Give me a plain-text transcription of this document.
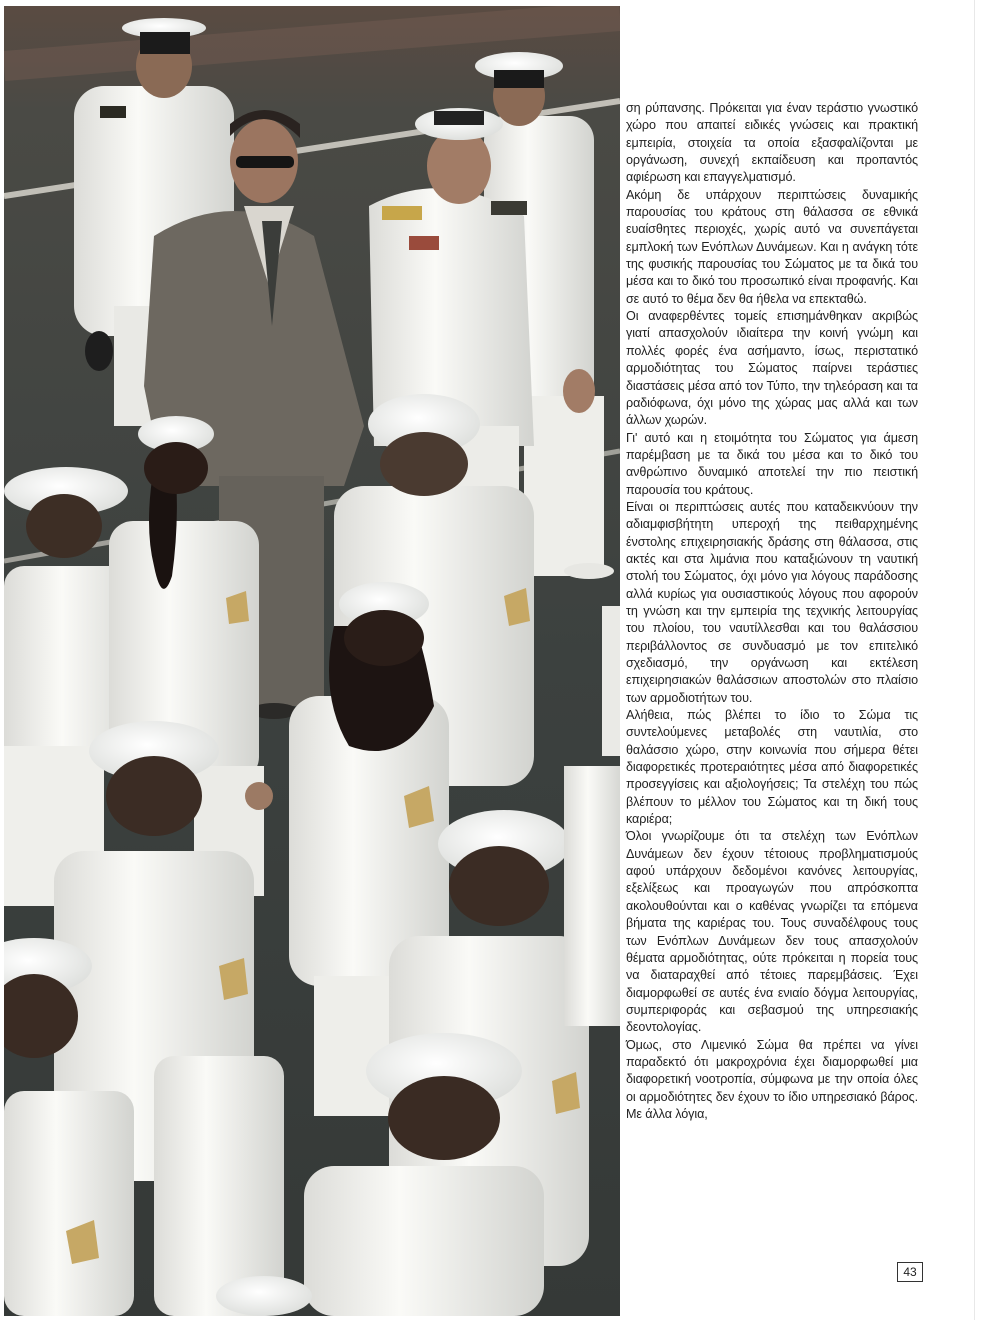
ση ρύπανσης. Πρόκειται για έναν τεράστιο γνωστικό χώρο που απαιτεί ειδικές γνώσεις και πρακτική εμπειρία, στοιχεία τα οποία εξασφαλίζονται με οργάνωση, συνεχή εκπαίδευση και προπαντός αφιέρωση και επαγγελματισμό.

Ακόμη δε υπάρχουν περιπτώσεις δυναμικής παρουσίας του κράτους στη θάλασσα σε εθνικά ευαίσθητες περιοχές, χωρίς αυτό να συνεπάγεται εμπλοκή των Ενόπλων Δυνάμεων. Και η ανάγκη τότε της φυσικής παρουσίας του Σώματος με τα δικά του μέσα και το δικό του προσωπικό είναι προφανής. Και σε αυτό το θέμα δεν θα ήθελα να επεκταθώ.

Οι αναφερθέντες τομείς επισημάνθηκαν ακριβώς γιατί απασχολούν ιδιαίτερα την κοινή γνώμη και πολλές φορές ένα ασήμαντο, ίσως, περιστατικό αρμοδιότητας του Σώματος παίρνει τεράστιες διαστάσεις μέσα από τον Τύπο, την τηλεόραση και τα ραδιόφωνα, όχι μόνο της χώρας μας αλλά και των άλλων χωρών.

Γι' αυτό και η ετοιμότητα του Σώματος για άμεση παρέμβαση με τα δικά του μέσα και το δικό του ανθρώπινο δυναμικό αποτελεί την πιο πειστική παρουσία του κράτους.

Είναι οι περιπτώσεις αυτές που καταδεικνύουν την αδιαμφισβήτητη υπεροχή της πειθαρχημένης ένστολης επιχειρησιακής δράσης στη θάλασσα, στις ακτές και στα λιμάνια που καταξιώνουν τη ναυτική στολή του Σώματος, όχι μόνο για λόγους παράδοσης αλλά κυρίως για ουσιαστικούς λόγους που αφορούν τη γνώση και την εμπειρία της τεχνικής λειτουργίας του πλοίου, του ναυτίλλεσθαι και του θαλάσσιου περιβάλλοντος σε συνδυασμό με τον επιτελικό σχεδιασμό, την οργάνωση και εκτέλεση επιχειρησιακών θαλάσσιων αποστολών στο πλαίσιο των αρμοδιοτήτων του.

Αλήθεια, πώς βλέπει το ίδιο το Σώμα τις συντελούμενες μεταβολές στη ναυτιλία, στο θαλάσσιο χώρο, στην κοινωνία που σήμερα θέτει διαφορετικές προτεραιότητες μέσα από διαφορετικές προσεγγίσεις και αξιολογήσεις; Τα στελέχη του πώς βλέπουν το μέλλον του Σώματος και τη δική τους καριέρα;

Όλοι γνωρίζουμε ότι τα στελέχη των Ενόπλων Δυνάμεων δεν έχουν τέτοιους προβληματισμούς αφού υπάρχουν δεδομένοι κανόνες λειτουργίας, εξελίξεως και προαγωγών που απρόσκοπτα ακολουθούνται και ο καθένας γνωρίζει τα επόμενα βήματα της καριέρας του. Τους συναδέλφους τους των Ενόπλων Δυνάμεων δεν τους απασχολούν θέματα αρμοδιότητας, ούτε πρόκειται η πορεία τους να διαταραχθεί από τέτοιες παρεμβάσεις. Έχει διαμορφωθεί σε αυτές ένα ενιαίο δόγμα λειτουργίας, συμπεριφοράς και σεβασμού της υπηρεσιακής δεοντολογίας.

Όμως, στο Λιμενικό Σώμα θα πρέπει να γίνει παραδεκτό ότι μακροχρόνια έχει διαμορφωθεί μια διαφορετική νοοτροπία, σύμφωνα με την οποία όλες οι αρμοδιότητες δεν έχουν το ίδιο υπηρεσιακό βάρος. Με άλλα λόγια,

43
